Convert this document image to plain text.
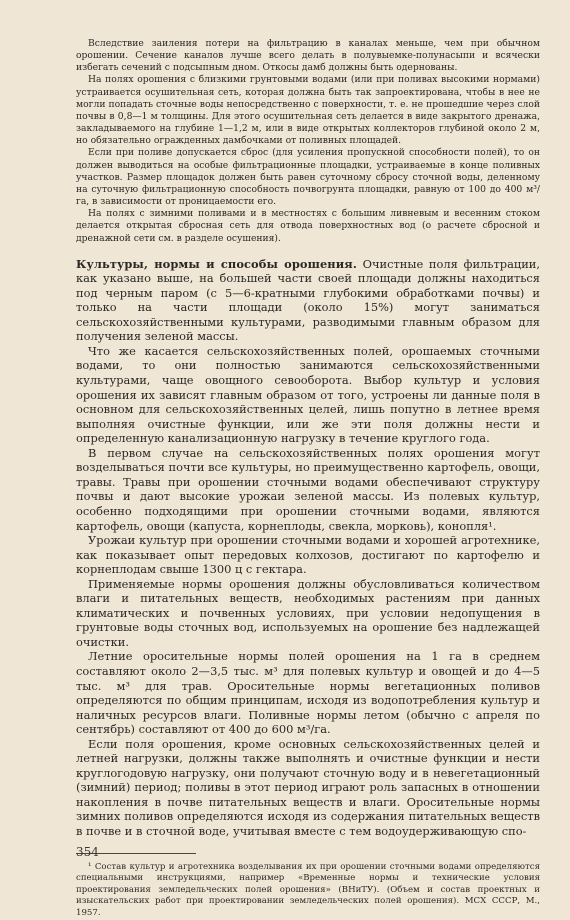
Вследствие заиления потери на фильтрацию в каналах меньше, чем при обычном орошении. Сечение каналов лучше всего делать в полувыемке-полунасыпи и всячески избегать сечений с подсыпным дном. Откосы дамб должны быть одернованы.

На полях орошения с близкими грунтовыми водами (или при поливах высокими нормами) устраивается осушительная сеть, которая должна быть так запроектирована, чтобы в нее не могли попадать сточные воды непосредственно с поверхности, т. е. не прошедшие через слой почвы в 0,8—1 м толщины. Для этого осушительная сеть делается в виде закрытого дренажа, закладываемого на глубине 1—1,2 м, или в виде открытых коллекторов глубиной около 2 м, но обязательно огражденных дамбочками от поливных площадей.

Если при поливе допускается сброс (для усиления пропускной способности полей), то он должен выводиться на особые фильтрационные площадки, устраиваемые в конце поливных участков. Размер площадок должен быть равен суточному сбросу сточной воды, деленному на суточную фильтрационную способность почвогрунта площадки, равную от 100 до 400 м³/га, в зависимости от проницаемости его.

На полях с зимними поливами и в местностях с большим ливневым и весенним стоком делается открытая сбросная сеть для отвода поверхностных вод (о расчете сбросной и дренажной сети см. в разделе осушения).

Культуры, нормы и способы орошения. Очистные поля фильтрации, как указано выше, на большей части своей площади должны находиться под черным паром (с 5—6-кратными глубокими обработками почвы) и только на части площади (около 15%) могут заниматься сельскохозяйственными культурами, разводимыми главным образом для получения зеленой массы.

Что же касается сельскохозяйственных полей, орошаемых сточными водами, то они полностью занимаются сельскохозяйственными культурами, чаще овощного севооборота. Выбор культур и условия орошения их зависят главным образом от того, устроены ли данные поля в основном для сельскохозяйственных целей, лишь попутно в летнее время выполняя очистные функции, или же эти поля должны нести и определенную канализационную нагрузку в течение круглого года.

В первом случае на сельскохозяйственных полях орошения могут возделываться почти все культуры, но преимущественно картофель, овощи, травы. Травы при орошении сточными водами обеспечивают структуру почвы и дают высокие урожаи зеленой массы. Из полевых культур, особенно подходящими при орошении сточными водами, являются картофель, овощи (капуста, корнеплоды, свекла, морковь), конопля¹.

Урожаи культур при орошении сточными водами и хорошей агротехнике, как показывает опыт передовых колхозов, достигают по картофелю и корнеплодам свыше 1300 ц с гектара.

Применяемые нормы орошения должны обусловливаться количеством влаги и питательных веществ, необходимых растениям при данных климатических и почвенных условиях, при условии недопущения в грунтовые воды сточных вод, используемых на орошение без надлежащей очистки.

Летние оросительные нормы полей орошения на 1 га в среднем составляют около 2—3,5 тыс. м³ для полевых культур и овощей и до 4—5 тыс. м³ для трав. Оросительные нормы вегетационных поливов определяются по общим принципам, исходя из водопотребления культур и наличных ресурсов влаги. Поливные нормы летом (обычно с апреля по сентябрь) составляют от 400 до 600 м³/га.

Если поля орошения, кроме основных сельскохозяйственных целей и летней нагрузки, должны также выполнять и очистные функции и нести круглогодовую нагрузку, они получают сточную воду и в невегетационный (зимний) период; поливы в этот период играют роль запасных в отношении накопления в почве питательных веществ и влаги. Оросительные нормы зимних поливов определяются исходя из содержания питательных веществ в почве и в сточной воде, учитывая вместе с тем водоудерживающую спо-

¹ Состав культур и агротехника возделывания их при орошении сточными водами определяются специальными инструкциями, например «Временные нормы и технические условия проектирования земледельческих полей орошения» (ВНиТУ). (Объем и состав проектных и изыскательских работ при проектировании земледельческих полей орошения). МСХ СССР, М., 1957.

354
